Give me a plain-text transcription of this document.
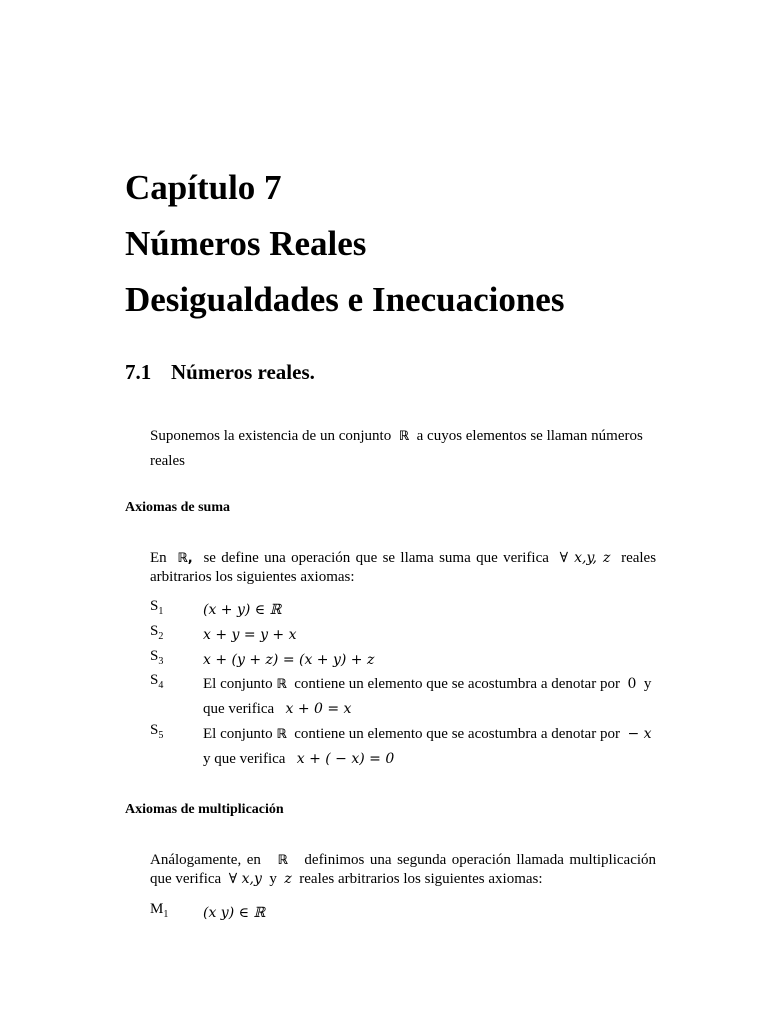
Capítulo 7
Números Reales
Desigualdades e Inecuaciones
7.1 Números reales.
Suponemos la existencia de un conjunto ℝ a cuyos elementos se llaman números reales
Axiomas de suma
En ℝ, se define una operación que se llama suma que verifica ∀ x,y, z reales arbitrarios los siguientes axiomas:
$S_1$	(x + y) ∈ ℝ
$S_2$	x + y = y + x
$S_3$	x + (y + z) = (x + y) + z
$S_4$	El conjunto ℝ contiene un elemento que se acostumbra a denotar por 0 y
que verifica x + 0 = x
$S_5$	El conjunto ℝ contiene un elemento que se acostumbra a denotar por − x
y que verifica x + ( − x) = 0
Axiomas de multiplicación
Análogamente, en ℝ definimos una segunda operación llamada multiplicación que verifica ∀ x,y y z reales arbitrarios los siguientes axiomas:
$M_1$ (x y) ∈ ℝ
